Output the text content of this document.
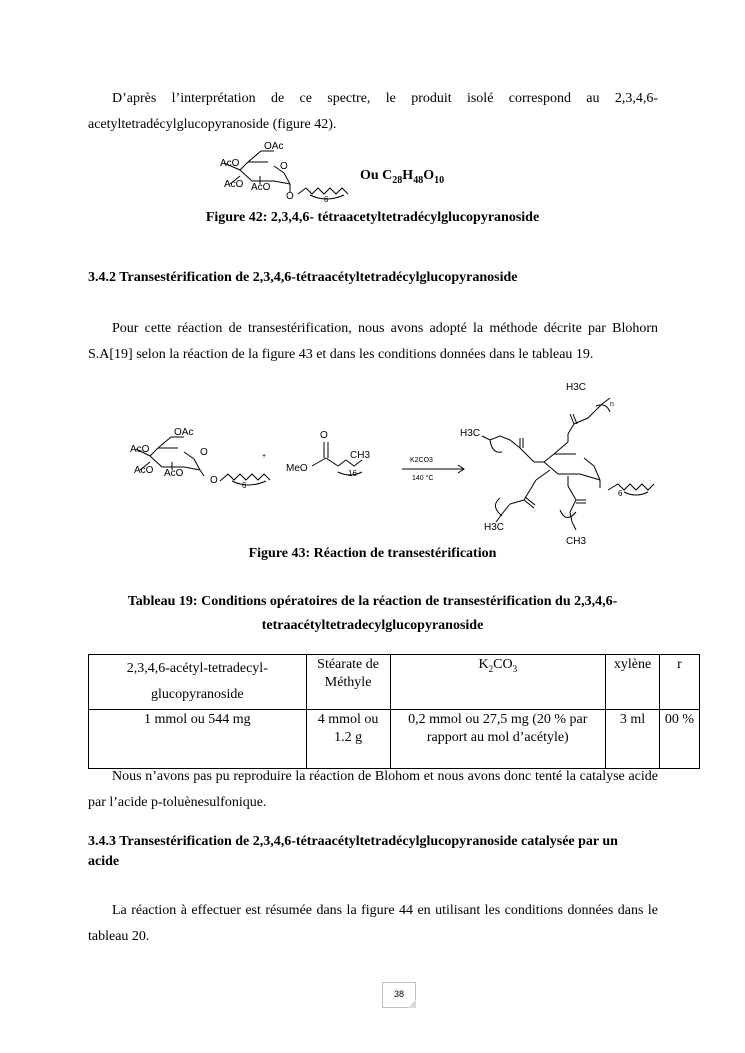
D’après l’interprétation de ce spectre, le produit isolé correspond au 2,3,4,6-acetyltetradécylglucopyranoside (figure 42).

OAc
AcO	O
AcO AcO
O	6
Ou $C_{28}H_{48}O_{10}$

Figure 42: 2,3,4,6- tétraacetyltetradécylglucopyranoside

3.4.2 Transestérification de 2,3,4,6-tétraacétyltetradécylglucopyranoside

Pour cette réaction de transestérification, nous avons adopté la méthode décrite par Blohorn S.A[19] selon la réaction de la figure 43 et dans les conditions données dans le tableau 19.

OAc
AcO	O
AcO AcO
O	6
+
O
MeO
CH3
16
K2CO3
140 °C
H3C
H3C
H3C
CH3
6
n

Figure 43: Réaction de transestérification

Tableau 19: Conditions opératoires de la réaction de transestérification du 2,3,4,6-
tetraacétyltetradecylglucopyranoside

2,3,4,6-acétyl-tetradecyl-
glucopyranoside	Stéarate de Méthyle	$K_2CO_3$	xylène	r
1 mmol ou 544 mg	4 mmol ou 1.2 g	0,2 mmol ou 27,5 mg (20 % par rapport au mol d’acétyle)	3 ml	00 %

Nous n’avons pas pu reproduire la réaction de Blohom et nous avons donc tenté la catalyse acide par l’acide p-toluènesulfonique.

3.4.3 Transestérification de 2,3,4,6-tétraacétyltetradécylglucopyranoside catalysée par un acide

La réaction à effectuer est résumée dans la figure 44 en utilisant les conditions données dans le tableau 20.

38
